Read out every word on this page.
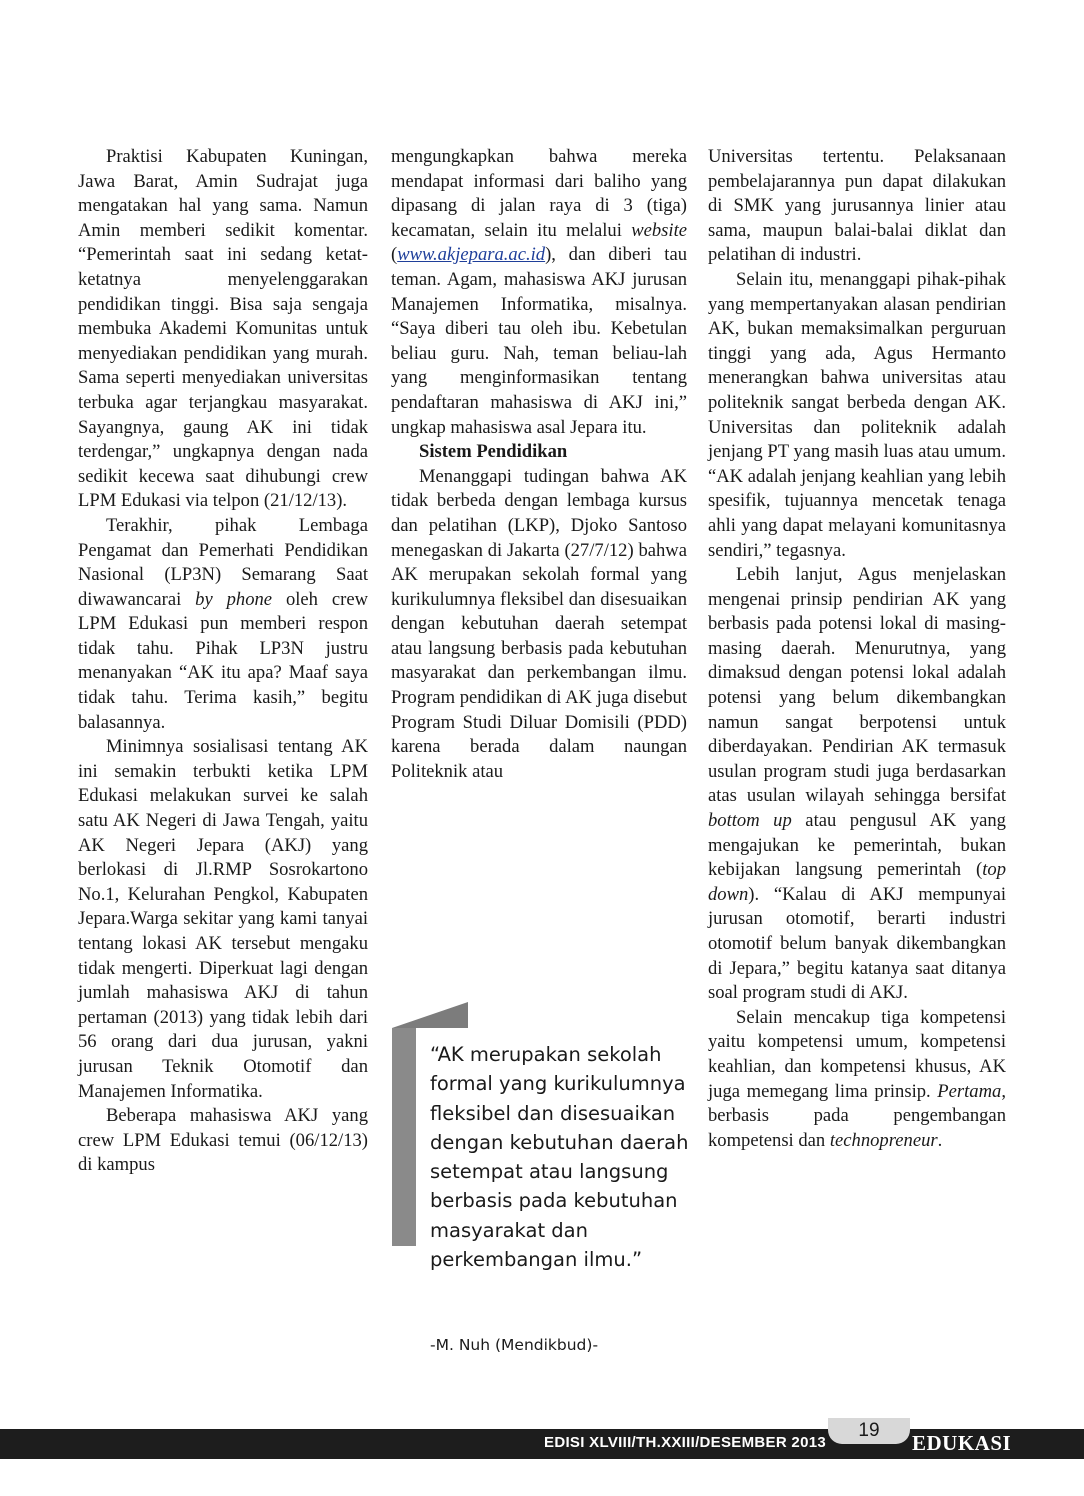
Praktisi Kabupaten Kuningan, Jawa Barat, Amin Sudrajat juga mengatakan hal yang sama. Namun Amin memberi sedikit komentar. “Pemerintah saat ini sedang ketat-ketatnya menyelenggarakan pendidikan tinggi. Bisa saja sengaja membuka Akademi Komunitas untuk menyediakan pendidikan yang murah. Sama seperti menyediakan universitas terbuka agar terjangkau masyarakat. Sayangnya, gaung AK ini tidak terdengar,” ungkapnya dengan nada sedikit kecewa saat dihubungi crew LPM Edukasi via telpon (21/12/13).

Terakhir, pihak Lembaga Pengamat dan Pemerhati Pendidikan Nasional (LP3N) Semarang Saat diwawancarai by phone oleh crew LPM Edukasi pun memberi respon tidak tahu. Pihak LP3N justru menanyakan “AK itu apa? Maaf saya tidak tahu. Terima kasih,” begitu balasannya.

Minimnya sosialisasi tentang AK ini semakin terbukti ketika LPM Edukasi melakukan survei ke salah satu AK Negeri di Jawa Tengah, yaitu AK Negeri Jepara (AKJ) yang berlokasi di Jl.RMP Sosrokartono No.1, Kelurahan Pengkol, Kabupaten Jepara.Warga sekitar yang kami tanyai tentang lokasi AK tersebut mengaku tidak mengerti. Diperkuat lagi dengan jumlah mahasiswa AKJ di tahun pertaman (2013) yang tidak lebih dari 56 orang dari dua jurusan, yakni jurusan Teknik Otomotif dan Manajemen Informatika.

Beberapa mahasiswa AKJ yang crew LPM Edukasi temui (06/12/13) di kampus

mengungkapkan bahwa mereka mendapat informasi dari baliho yang dipasang di jalan raya di 3 (tiga) kecamatan, selain itu melalui website (www.akjepara.ac.id), dan diberi tau teman. Agam, mahasiswa AKJ jurusan Manajemen Informatika, misalnya. “Saya diberi tau oleh ibu. Kebetulan beliau guru. Nah, teman beliau-lah yang menginformasikan tentang pendaftaran mahasiswa di AKJ ini,” ungkap mahasiswa asal Jepara itu.

Sistem Pendidikan

Menanggapi tudingan bahwa AK tidak berbeda dengan lembaga kursus dan pelatihan (LKP), Djoko Santoso menegaskan di Jakarta (27/7/12) bahwa AK merupakan sekolah formal yang kurikulumnya fleksibel dan disesuaikan dengan kebutuhan daerah setempat atau langsung berbasis pada kebutuhan masyarakat dan perkembangan ilmu. Program pendidikan di AK juga disebut Program Studi Diluar Domisili (PDD) karena berada dalam naungan Politeknik atau

“AK merupakan sekolah formal yang kurikulumnya fleksibel dan disesuaikan dengan kebutuhan daerah setempat atau langsung berbasis pada kebutuhan masyarakat dan perkembangan ilmu.”
-M. Nuh (Mendikbud)-

Universitas tertentu. Pelaksanaan pembelajarannya pun dapat dilakukan di SMK yang jurusannya linier atau sama, maupun balai-balai diklat dan pelatihan di industri.

Selain itu, menanggapi pihak-pihak yang mempertanyakan alasan pendirian AK, bukan memaksimalkan perguruan tinggi yang ada, Agus Hermanto menerangkan bahwa universitas atau politeknik sangat berbeda dengan AK. Universitas dan politeknik adalah jenjang PT yang masih luas atau umum. “AK adalah jenjang keahlian yang lebih spesifik, tujuannya mencetak tenaga ahli yang dapat melayani komunitasnya sendiri,” tegasnya.

Lebih lanjut, Agus menjelaskan mengenai prinsip pendirian AK yang berbasis pada potensi lokal di masing-masing daerah. Menurutnya, yang dimaksud dengan potensi lokal adalah potensi yang belum dikembangkan namun sangat berpotensi untuk diberdayakan. Pendirian AK termasuk usulan program studi juga berdasarkan atas usulan wilayah sehingga bersifat bottom up atau pengusul AK yang mengajukan ke pemerintah, bukan kebijakan langsung pemerintah (top down). “Kalau di AKJ mempunyai jurusan otomotif, berarti industri otomotif belum banyak dikembangkan di Jepara,” begitu katanya saat ditanya soal program studi di AKJ.

Selain mencakup tiga kompetensi yaitu kompetensi umum, kompetensi keahlian, dan kompetensi khusus, AK juga memegang lima prinsip. Pertama, berbasis pada pengembangan kompetensi dan technopreneur.

EDISI XLVIII/TH.XXIII/DESEMBER 2013
19
EDUKASI
